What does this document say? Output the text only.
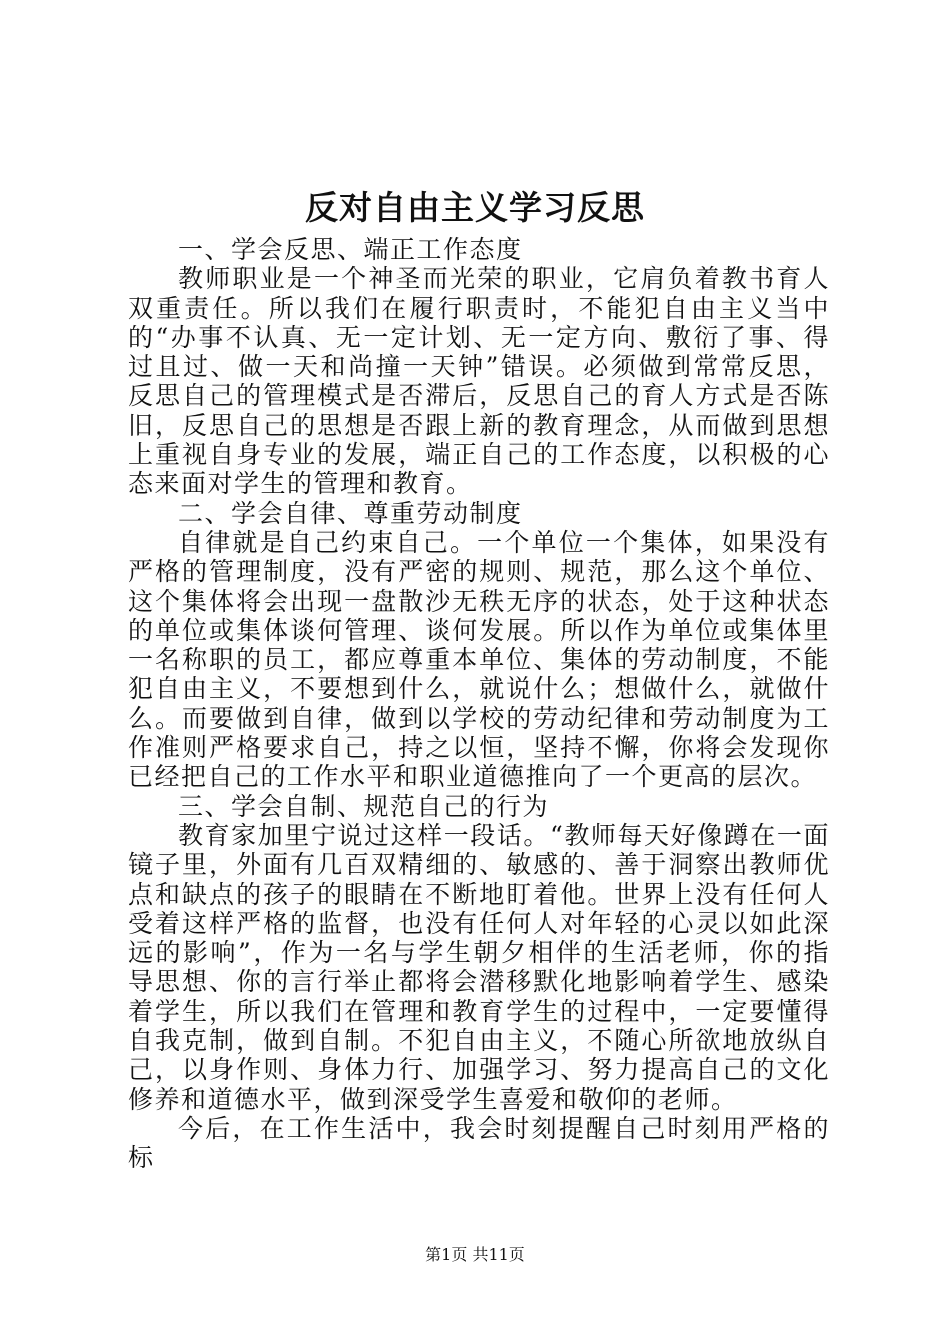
反对自由主义学习反思

一、学会反思、端正工作态度

教师职业是一个神圣而光荣的职业，它肩负着教书育人双重责任。所以我们在履行职责时，不能犯自由主义当中的“办事不认真、无一定计划、无一定方向、敷衍了事、得过且过、做一天和尚撞一天钟”错误。必须做到常常反思，反思自己的管理模式是否滞后，反思自己的育人方式是否陈旧，反思自己的思想是否跟上新的教育理念，从而做到思想上重视自身专业的发展，端正自己的工作态度，以积极的心态来面对学生的管理和教育。

二、学会自律、尊重劳动制度

自律就是自己约束自己。一个单位一个集体，如果没有严格的管理制度，没有严密的规则、规范，那么这个单位、这个集体将会出现一盘散沙无秩无序的状态，处于这种状态的单位或集体谈何管理、谈何发展。所以作为单位或集体里一名称职的员工，都应尊重本单位、集体的劳动制度，不能犯自由主义，不要想到什么，就说什么；想做什么，就做什么。而要做到自律，做到以学校的劳动纪律和劳动制度为工作准则严格要求自己，持之以恒，坚持不懈，你将会发现你已经把自己的工作水平和职业道德推向了一个更高的层次。

三、学会自制、规范自己的行为

教育家加里宁说过这样一段话。“教师每天好像蹲在一面镜子里，外面有几百双精细的、敏感的、善于洞察出教师优点和缺点的孩子的眼睛在不断地盯着他。世界上没有任何人受着这样严格的监督，也没有任何人对年轻的心灵以如此深远的影响”，作为一名与学生朝夕相伴的生活老师，你的指导思想、你的言行举止都将会潜移默化地影响着学生、感染着学生，所以我们在管理和教育学生的过程中，一定要懂得自我克制，做到自制。不犯自由主义，不随心所欲地放纵自己，以身作则、身体力行、加强学习、努力提高自己的文化修养和道德水平，做到深受学生喜爱和敬仰的老师。

今后，在工作生活中，我会时刻提醒自己时刻用严格的标

第1页 共11页
